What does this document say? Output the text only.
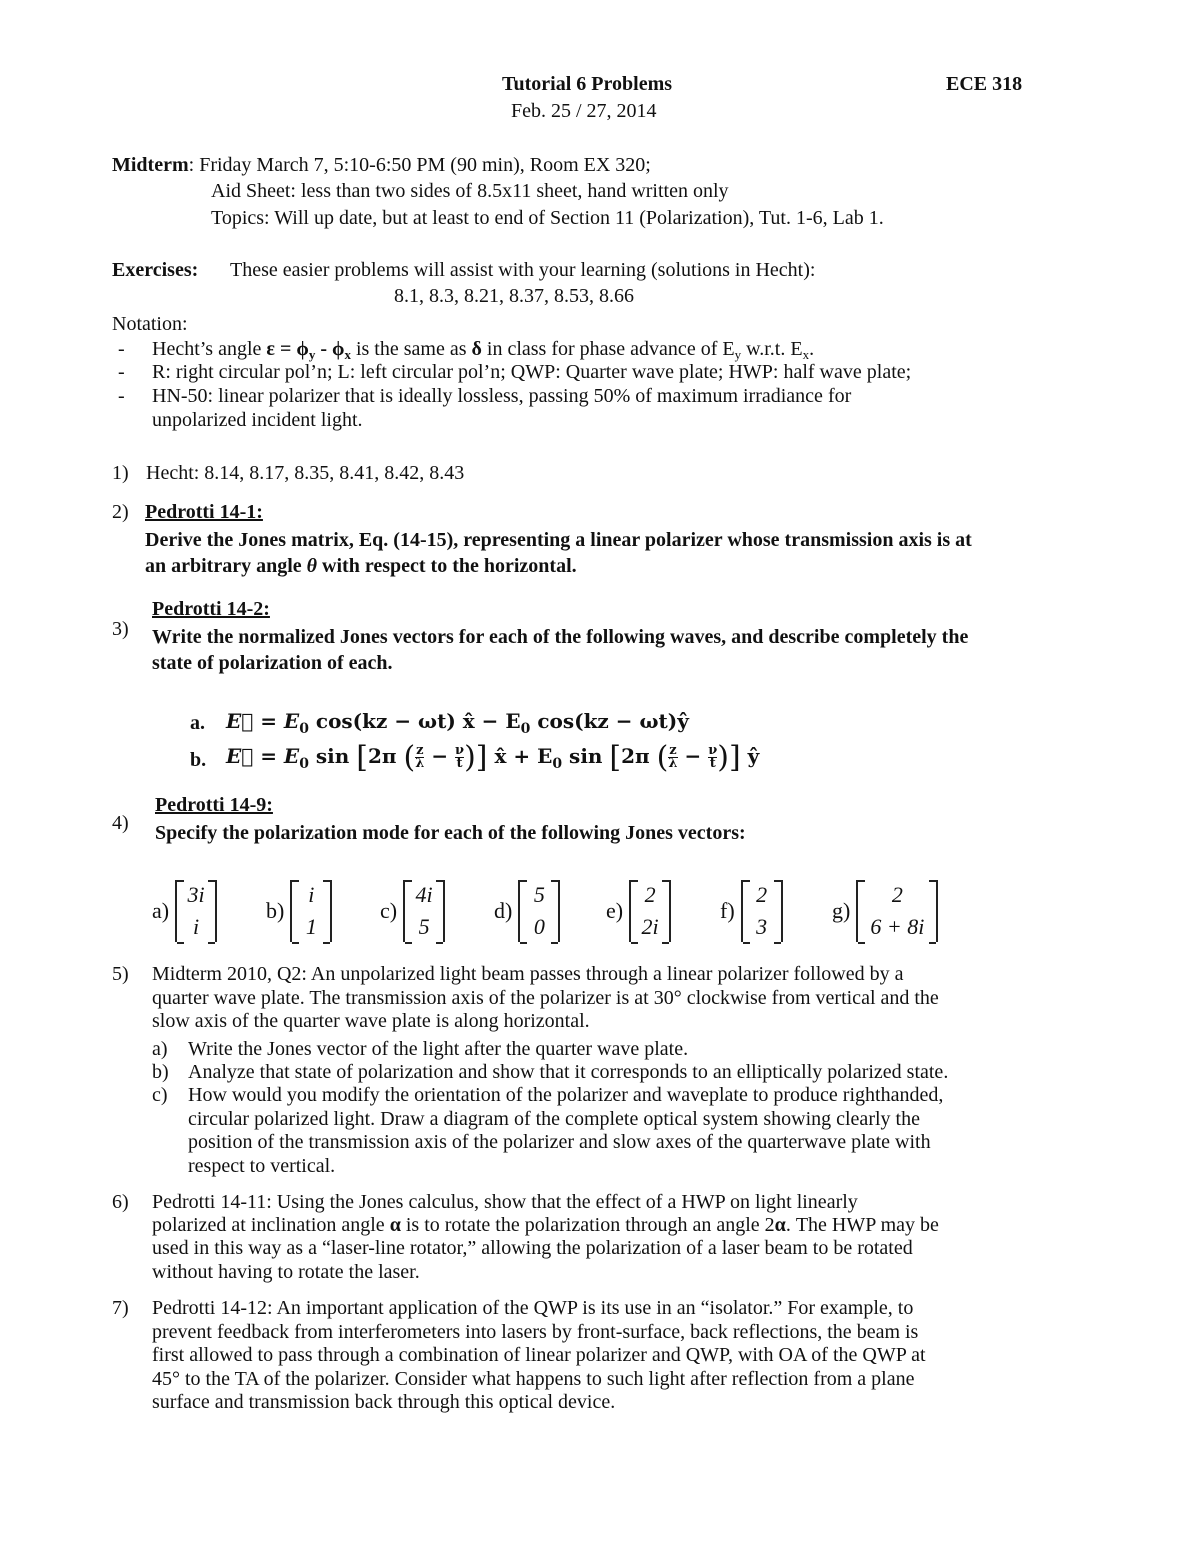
Tutorial 6 Problems	ECE 318
Feb. 25 / 27, 2014
Midterm: Friday March 7, 5:10-6:50 PM (90 min), Room EX 320;
Aid Sheet: less than two sides of 8.5x11 sheet, hand written only
Topics: Will up date, but at least to end of Section 11 (Polarization), Tut. 1-6, Lab 1.
Exercises: These easier problems will assist with your learning (solutions in Hecht):
8.1, 8.3, 8.21, 8.37, 8.53, 8.66
Notation:
- Hecht’s angle $\varepsilon = \phi_y - \phi_x$ is the same as δ in class for phase advance of $E_y$ w.r.t. $E_x$.
- R: right circular pol’n; L: left circular pol’n; QWP: Quarter wave plate; HWP: half wave plate;
- HN-50: linear polarizer that is ideally lossless, passing 50% of maximum irradiance for
unpolarized incident light.
1) Hecht: 8.14, 8.17, 8.35, 8.41, 8.42, 8.43
2) Pedrotti 14-1:
Derive the Jones matrix, Eq. (14-15), representing a linear polarizer whose transmission axis is at
an arbitrary angle θ with respect to the horizontal.
3)
Pedrotti 14-2:
Write the normalized Jones vectors for each of the following waves, and describe completely the
state of polarization of each.
a. E⃗ = $E_0$ cos(kz − ωt) x̂ − $E_0$ cos(kz − ωt)ŷ
b. E⃗ = $E_0$ sin [2π ( $\frac{z}{\lambda} - \frac{\nu}{t}$ )] x̂ + $E_0$ sin [2π ( $\frac{z}{\lambda} - \frac{\nu}{t}$ )] ŷ
4)
Pedrotti 14-9:
Specify the polarization mode for each of the following Jones vectors:
a)
3i
i
b)
i
1
c)
4i
5
d)
5
0
e)
2
2i
f)
2
3
g)
2
6 + 8i
5) Midterm 2010, Q2: An unpolarized light beam passes through a linear polarizer followed by a
quarter wave plate. The transmission axis of the polarizer is at 30° clockwise from vertical and the
slow axis of the quarter wave plate is along horizontal.
a) Write the Jones vector of the light after the quarter wave plate.
b) Analyze that state of polarization and show that it corresponds to an elliptically polarized state.
c) How would you modify the orientation of the polarizer and waveplate to produce righthanded,
circular polarized light. Draw a diagram of the complete optical system showing clearly the
position of the transmission axis of the polarizer and slow axes of the quarterwave plate with
respect to vertical.
6) Pedrotti 14-11: Using the Jones calculus, show that the effect of a HWP on light linearly
polarized at inclination angle α is to rotate the polarization through an angle 2α. The HWP may be
used in this way as a “laser-line rotator,” allowing the polarization of a laser beam to be rotated
without having to rotate the laser.
7) Pedrotti 14-12: An important application of the QWP is its use in an “isolator.” For example, to
prevent feedback from interferometers into lasers by front-surface, back reflections, the beam is
first allowed to pass through a combination of linear polarizer and QWP, with OA of the QWP at
45° to the TA of the polarizer. Consider what happens to such light after reflection from a plane
surface and transmission back through this optical device.
